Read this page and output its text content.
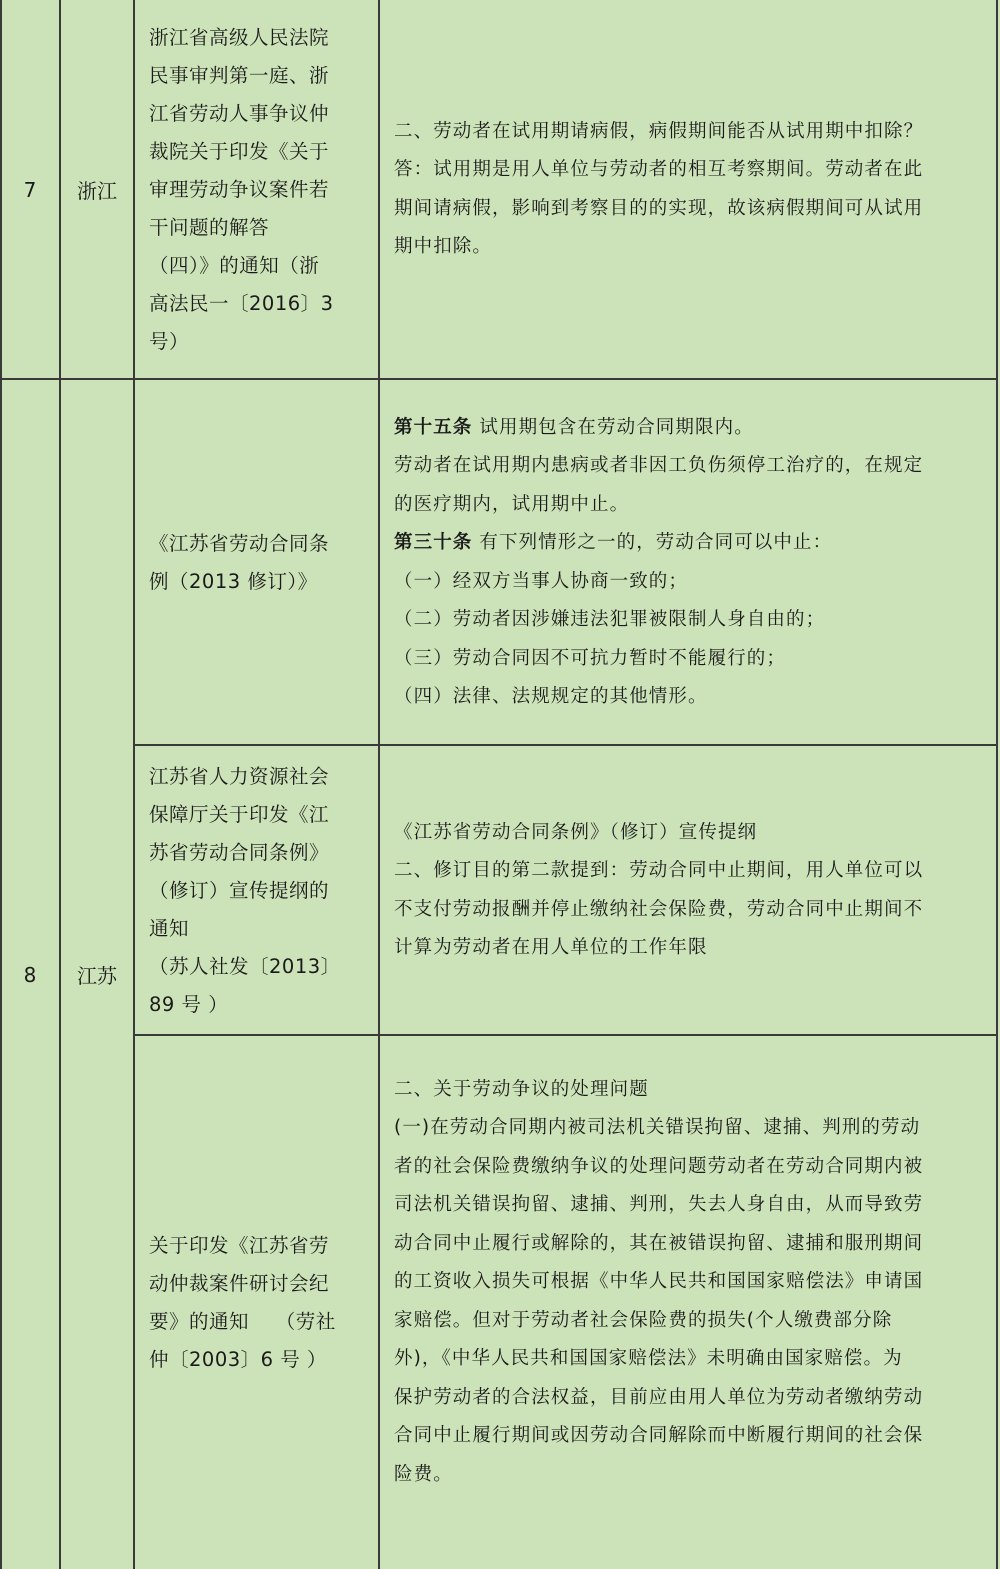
7 浙江
浙江省高级人民法院
民事审判第一庭、浙
江省劳动人事争议仲
裁院关于印发《关于
审理劳动争议案件若
干问题的解答
（四）》的通知（浙
高法民一〔2016〕3
号）
二、劳动者在试用期请病假，病假期间能否从试用期中扣除？
答：试用期是用人单位与劳动者的相互考察期间。劳动者在此
期间请病假，影响到考察目的的实现，故该病假期间可从试用
期中扣除。
8 江苏
《江苏省劳动合同条
例（2013 修订）》
第十五条 试用期包含在劳动合同期限内。
劳动者在试用期内患病或者非因工负伤须停工治疗的，在规定
的医疗期内，试用期中止。
第三十条 有下列情形之一的，劳动合同可以中止：
（一）经双方当事人协商一致的；
（二）劳动者因涉嫌违法犯罪被限制人身自由的；
（三）劳动合同因不可抗力暂时不能履行的；
（四）法律、法规规定的其他情形。
江苏省人力资源社会
保障厅关于印发《江
苏省劳动合同条例》
（修订）宣传提纲的
通知
（苏人社发〔2013〕
89 号 ）
《江苏省劳动合同条例》（修订）宣传提纲
二、修订目的第二款提到：劳动合同中止期间，用人单位可以
不支付劳动报酬并停止缴纳社会保险费，劳动合同中止期间不
计算为劳动者在用人单位的工作年限
关于印发《江苏省劳
动仲裁案件研讨会纪
要》的通知　 （劳社
仲〔2003〕6 号 ）
二、关于劳动争议的处理问题
(一)在劳动合同期内被司法机关错误拘留、逮捕、判刑的劳动
者的社会保险费缴纳争议的处理问题劳动者在劳动合同期内被
司法机关错误拘留、逮捕、判刑，失去人身自由，从而导致劳
动合同中止履行或解除的，其在被错误拘留、逮捕和服刑期间
的工资收入损失可根据《中华人民共和国国家赔偿法》申请国
家赔偿。但对于劳动者社会保险费的损失(个人缴费部分除
外)，《中华人民共和国国家赔偿法》未明确由国家赔偿。为
保护劳动者的合法权益，目前应由用人单位为劳动者缴纳劳动
合同中止履行期间或因劳动合同解除而中断履行期间的社会保
险费。
